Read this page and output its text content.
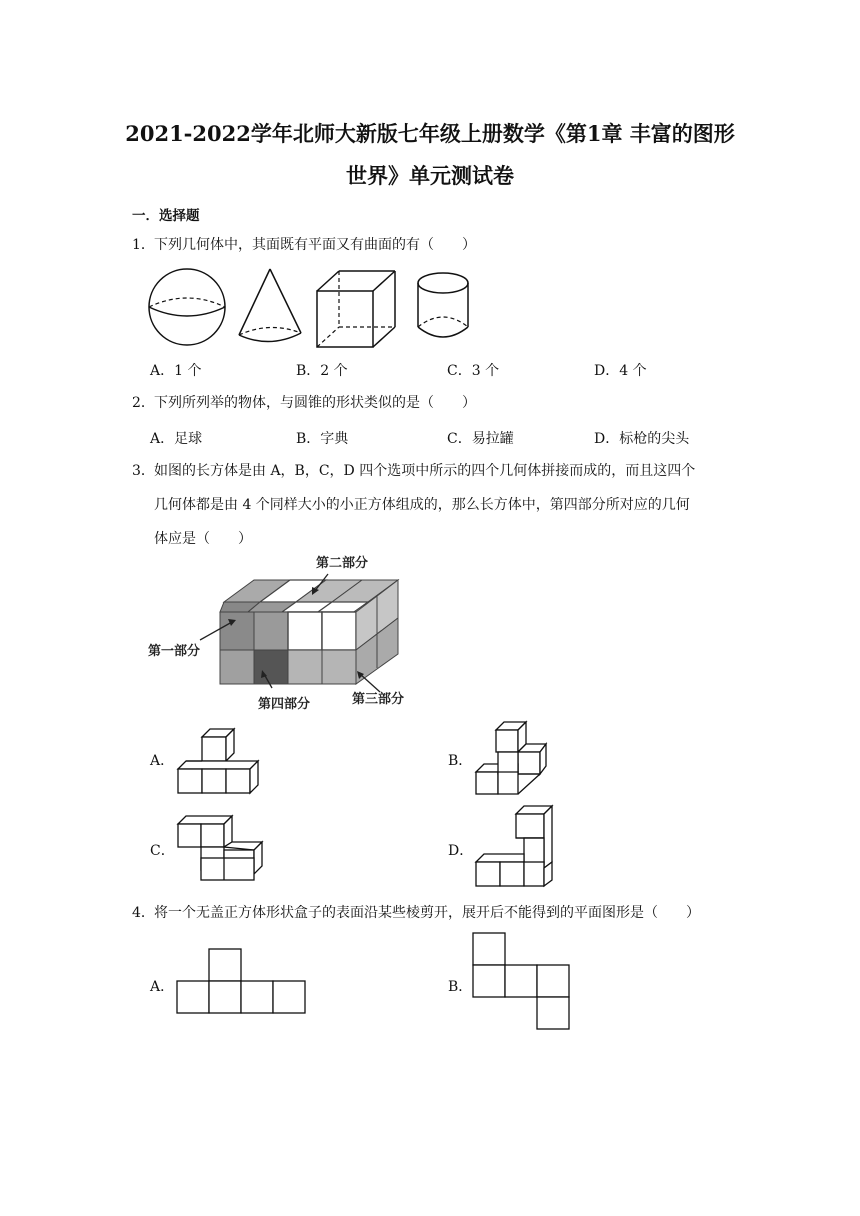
2021-2022学年北师大新版七年级上册数学《第1章 丰富的图形
世界》单元测试卷
一．选择题
1．下列几何体中，其面既有平面又有曲面的有（　　）
A．1 个	B．2 个	C．3 个	D．4 个
2．下列所列举的物体，与圆锥的形状类似的是（　　）
A．足球	B．字典	C．易拉罐	D．标枪的尖头
3．如图的长方体是由 A，B，C，D 四个选项中所示的四个几何体拼接而成的，而且这四个
几何体都是由 4 个同样大小的小正方体组成的，那么长方体中，第四部分所对应的几何
体应是（　　）
第二部分
第一部分
第四部分	第三部分
A．	B．
C．	D．
4．将一个无盖正方体形状盒子的表面沿某些棱剪开，展开后不能得到的平面图形是（　　）
A．	B．
